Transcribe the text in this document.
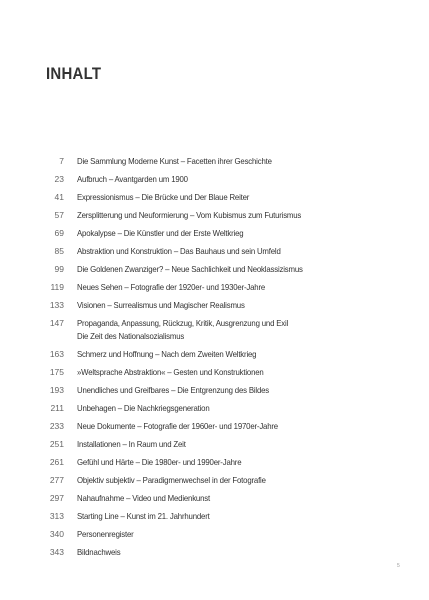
INHALT
7 Die Sammlung Moderne Kunst – Facetten ihrer Geschichte
23 Aufbruch – Avantgarden um 1900
41 Expressionismus – Die Brücke und Der Blaue Reiter
57 Zersplitterung und Neuformierung – Vom Kubismus zum Futurismus
69 Apokalypse – Die Künstler und der Erste Weltkrieg
85 Abstraktion und Konstruktion – Das Bauhaus und sein Umfeld
99 Die Goldenen Zwanziger? – Neue Sachlichkeit und Neoklassizismus
119 Neues Sehen – Fotografie der 1920er- und 1930er-Jahre
133 Visionen – Surrealismus und Magischer Realismus
147 Propaganda, Anpassung, Rückzug, Kritik, Ausgrenzung und Exil
Die Zeit des Nationalsozialismus
163 Schmerz und Hoffnung – Nach dem Zweiten Weltkrieg
175 »Weltsprache Abstraktion« – Gesten und Konstruktionen
193 Unendliches und Greifbares – Die Entgrenzung des Bildes
211 Unbehagen – Die Nachkriegsgeneration
233 Neue Dokumente – Fotografie der 1960er- und 1970er-Jahre
251 Installationen – In Raum und Zeit
261 Gefühl und Härte – Die 1980er- und 1990er-Jahre
277 Objektiv subjektiv – Paradigmenwechsel in der Fotografie
297 Nahaufnahme – Video und Medienkunst
313 Starting Line – Kunst im 21. Jahrhundert
340 Personenregister
343 Bildnachweis
5
